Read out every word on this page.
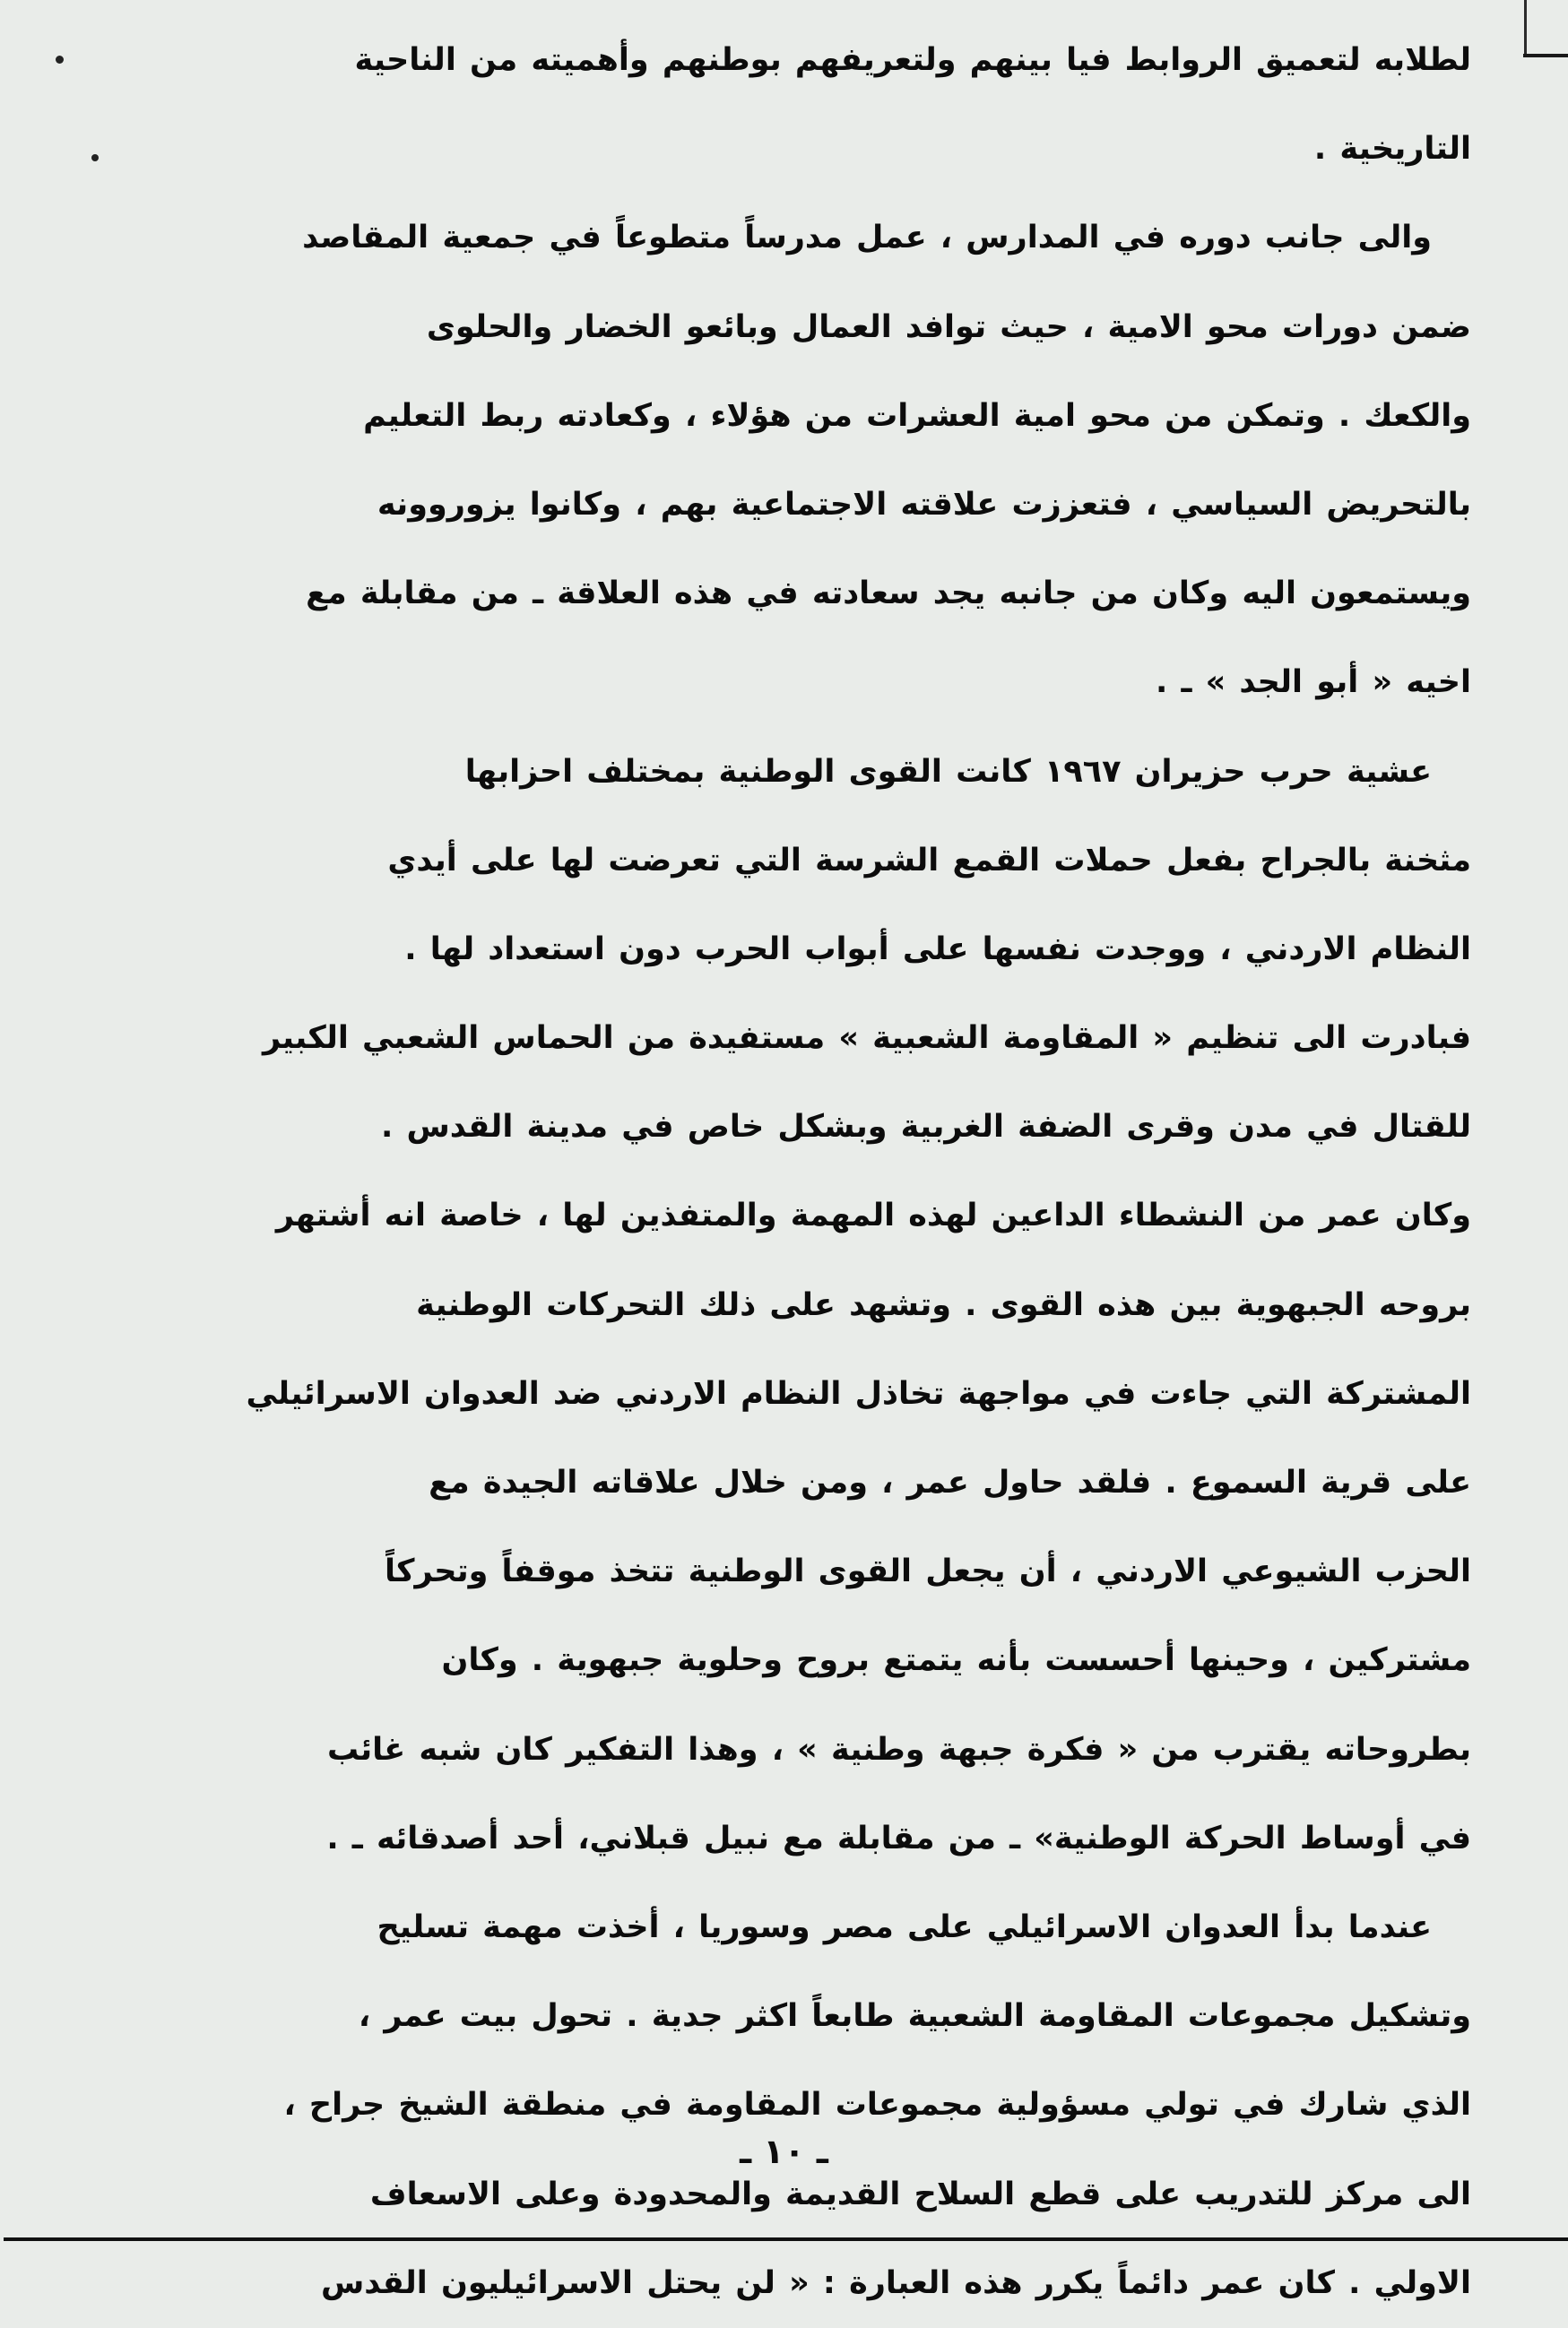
لطلابه لتعميق الروابط فيا بينهم ولتعريفهم بوطنهم وأهميته من الناحية
التاريخية .
والى جانب دوره في المدارس ، عمل مدرساً متطوعاً في جمعية المقاصد
ضمن دورات محو الامية ، حيث توافد العمال وبائعو الخضار والحلوى
والكعك . وتمكن من محو امية العشرات من هؤلاء ، وكعادته ربط التعليم
بالتحريض السياسي ، فتعززت علاقته الاجتماعية بهم ، وكانوا يزوروونه
ويستمعون اليه وكان من جانبه يجد سعادته في هذه العلاقة ـ من مقابلة مع
اخيه « أبو الجد » ـ .
عشية حرب حزيران ١٩٦٧ كانت القوى الوطنية بمختلف احزابها
مثخنة بالجراح بفعل حملات القمع الشرسة التي تعرضت لها على أيدي
النظام الاردني ، ووجدت نفسها على أبواب الحرب دون استعداد لها .
فبادرت الى تنظيم « المقاومة الشعبية » مستفيدة من الحماس الشعبي الكبير
للقتال في مدن وقرى الضفة الغربية وبشكل خاص في مدينة القدس .
وكان عمر من النشطاء الداعين لهذه المهمة والمتفذين لها ، خاصة انه أشتهر
بروحه الجبهوية بين هذه القوى . وتشهد على ذلك التحركات الوطنية
المشتركة التي جاءت في مواجهة تخاذل النظام الاردني ضد العدوان الاسرائيلي
على قرية السموع . فلقد حاول عمر ، ومن خلال علاقاته الجيدة مع
الحزب الشيوعي الاردني ، أن يجعل القوى الوطنية تتخذ موقفاً وتحركاً
مشتركين ، وحينها أحسست بأنه يتمتع بروح وحلوية جبهوية . وكان
بطروحاته يقترب من « فكرة جبهة وطنية » ، وهذا التفكير كان شبه غائب
في أوساط الحركة الوطنية» ـ من مقابلة مع نبيل قبلاني، أحد أصدقائه ـ .
عندما بدأ العدوان الاسرائيلي على مصر وسوريا ، أخذت مهمة تسليح
وتشكيل مجموعات المقاومة الشعبية طابعاً اكثر جدية . تحول بيت عمر ،
الذي شارك في تولي مسؤولية مجموعات المقاومة في منطقة الشيخ جراح ،
الى مركز للتدريب على قطع السلاح القديمة والمحدودة وعلى الاسعاف
الاولي . كان عمر دائماً يكرر هذه العبارة : « لن يحتل الاسرائيليون القدس
ـ ١٠ ـ
